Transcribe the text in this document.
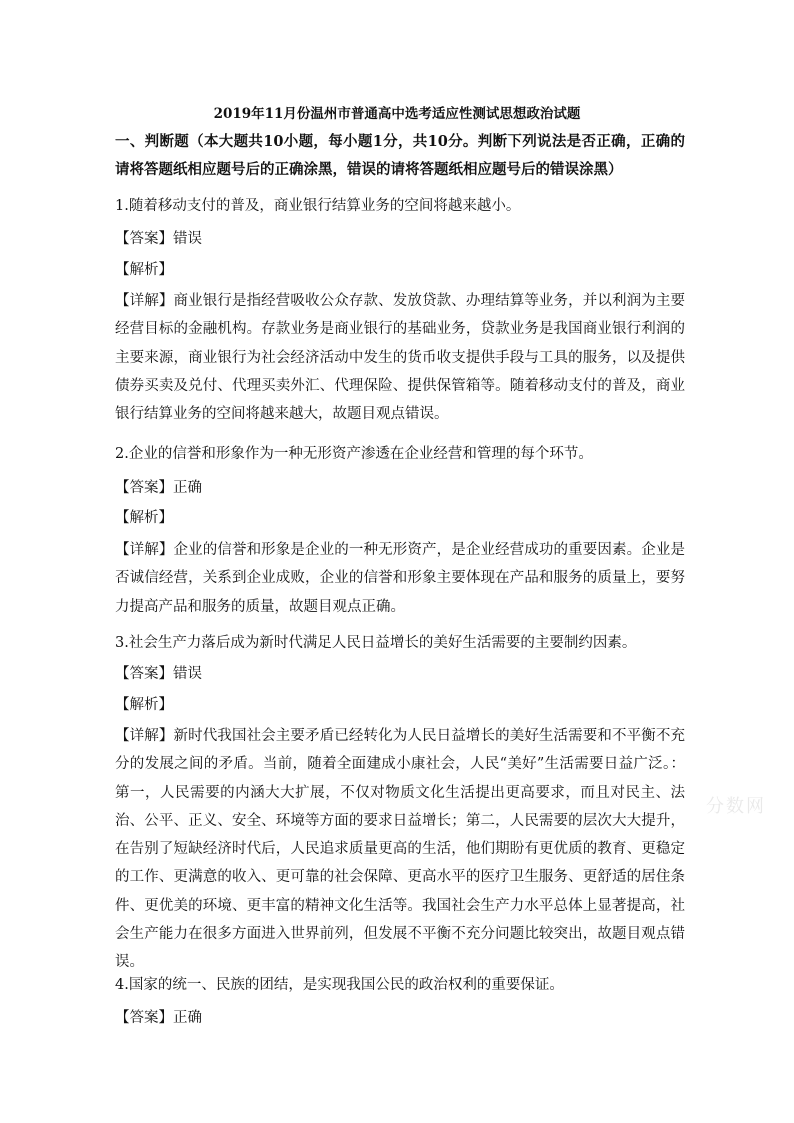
2019年11月份温州市普通高中选考适应性测试思想政治试题
一、判断题（本大题共10小题，每小题1分，共10分。判断下列说法是否正确，正确的请将答题纸相应题号后的正确涂黑，错误的请将答题纸相应题号后的错误涂黑）

1.随着移动支付的普及，商业银行结算业务的空间将越来越小。

【答案】错误

【解析】

【详解】商业银行是指经营吸收公众存款、发放贷款、办理结算等业务，并以利润为主要经营目标的金融机构。存款业务是商业银行的基础业务，贷款业务是我国商业银行利润的主要来源，商业银行为社会经济活动中发生的货币收支提供手段与工具的服务，以及提供债券买卖及兑付、代理买卖外汇、代理保险、提供保管箱等。随着移动支付的普及，商业银行结算业务的空间将越来越大，故题目观点错误。

2.企业的信誉和形象作为一种无形资产渗透在企业经营和管理的每个环节。

【答案】正确

【解析】

【详解】企业的信誉和形象是企业的一种无形资产，是企业经营成功的重要因素。企业是否诚信经营，关系到企业成败，企业的信誉和形象主要体现在产品和服务的质量上，要努力提高产品和服务的质量，故题目观点正确。

3.社会生产力落后成为新时代满足人民日益增长的美好生活需要的主要制约因素。

【答案】错误

【解析】

【详解】新时代我国社会主要矛盾已经转化为人民日益增长的美好生活需要和不平衡不充分的发展之间的矛盾。当前，随着全面建成小康社会，人民“美好”生活需要日益广泛。：第一，人民需要的内涵大大扩展，不仅对物质文化生活提出更高要求，而且对民主、法治、公平、正义、安全、环境等方面的要求日益增长；第二，人民需要的层次大大提升，在告别了短缺经济时代后，人民追求质量更高的生活，他们期盼有更优质的教育、更稳定的工作、更满意的收入、更可靠的社会保障、更高水平的医疗卫生服务、更舒适的居住条件、更优美的环境、更丰富的精神文化生活等。我国社会生产力水平总体上显著提高，社会生产能力在很多方面进入世界前列，但发展不平衡不充分问题比较突出，故题目观点错误。

4.国家的统一、民族的团结，是实现我国公民的政治权利的重要保证。

【答案】正确

分数网
